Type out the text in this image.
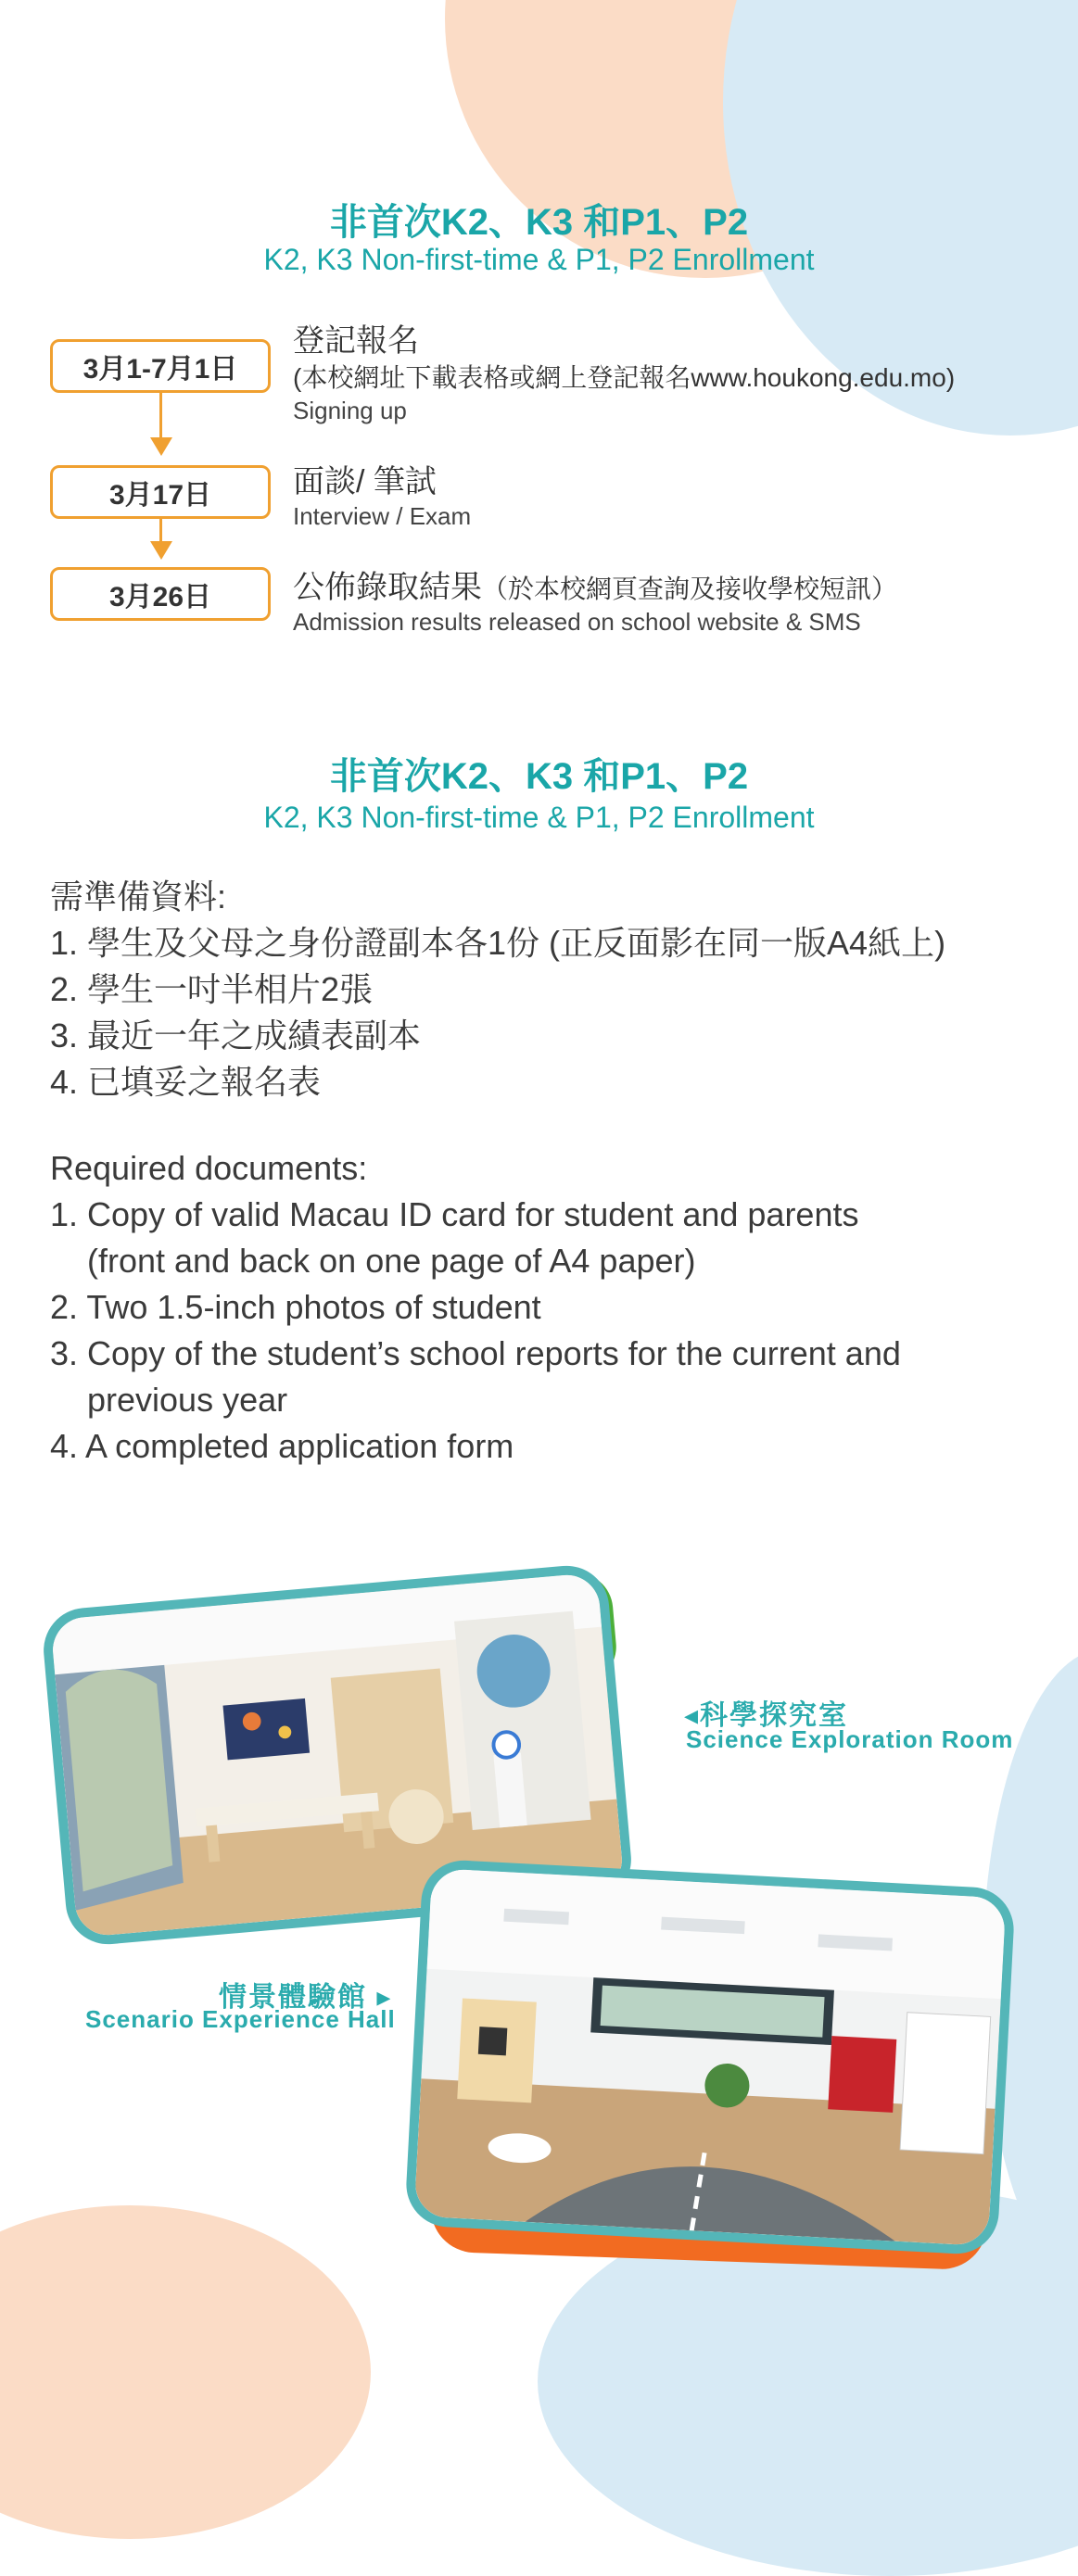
非首次K2、K3 和P1、P2
K2, K3 Non-first-time & P1, P2 Enrollment
3月1-7月1日
登記報名
(本校網址下載表格或網上登記報名www.houkong.edu.mo)
Signing up
3月17日	面談/ 筆試
Interview / Exam
3月26日	公佈錄取結果（於本校網頁查詢及接收學校短訊）
Admission results released on school website & SMS
非首次K2、K3 和P1、P2
K2, K3 Non-first-time & P1, P2 Enrollment
需準備資料:
1. 學生及父母之身份證副本各1份 (正反面影在同一版A4紙上)
2. 學生一吋半相片2張
3. 最近一年之成績表副本
4. 已填妥之報名表
Required documents:
1. Copy of valid Macau ID card for student and parents
(front and back on one page of A4 paper)
2. Two 1.5-inch photos of student
3. Copy of the student’s school reports for the current and
previous year
4. A completed application form
◂科學探究室
Science Exploration Room
情景體驗館 ▸
Scenario Experience Hall
